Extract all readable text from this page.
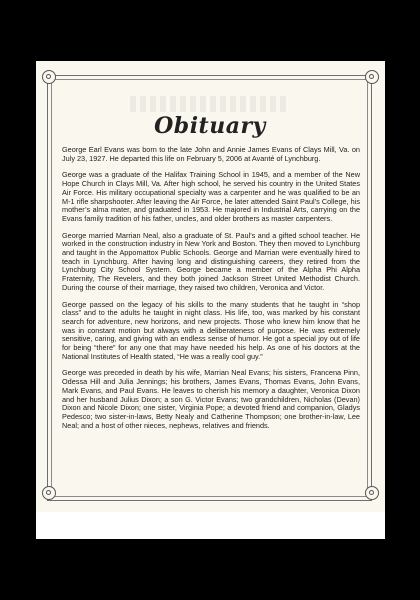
Obituary

George Earl Evans was born to the late John and Annie James Evans of Clays Mill, Va. on July 23, 1927. He departed this life on February 5, 2006 at Avanté of Lynchburg.

George was a graduate of the Halifax Training School in 1945, and a member of the New Hope Church in Clays Mill, Va. After high school, he served his country in the United States Air Force. His military occupational specialty was a carpenter and he was qualified to be an M-1 rifle sharpshooter. After leaving the Air Force, he later attended Saint Paul’s College, his mother’s alma mater, and graduated in 1953. He majored in Industrial Arts, carrying on the Evans family tradition of his father, uncles, and older brothers as master carpenters.

George married Marrian Neal, also a graduate of St. Paul’s and a gifted school teacher. He worked in the construction industry in New York and Boston. They then moved to Lynchburg and taught in the Appomattox Public Schools. George and Marrian were eventually hired to teach in Lynchburg. After having long and distinguishing careers, they retired from the Lynchburg City School System. George became a member of the Alpha Phi Alpha Fraternity, The Revelers, and they both joined Jackson Street United Methodist Church. During the course of their marriage, they raised two children, Veronica and Victor.

George passed on the legacy of his skills to the many students that he taught in “shop class” and to the adults he taught in night class. His life, too, was marked by his constant search for adventure, new horizons, and new projects. Those who knew him know that he was in constant motion but always with a deliberateness of purpose. He was extremely sensitive, caring, and giving with an endless sense of humor. He got a special joy out of life for being “there” for any one that may have needed his help. As one of his doctors at the National Institutes of Health stated, “He was a really cool guy.”

George was preceded in death by his wife, Marrian Neal Evans; his sisters, Francena Pinn, Odessa Hill and Julia Jennings; his brothers, James Evans, Thomas Evans, John Evans, Mark Evans, and Paul Evans. He leaves to cherish his memory a daughter, Veronica Dixon and her husband Julius Dixon; a son G. Victor Evans; two grandchildren, Nicholas (Devan) Dixon and Nicole Dixon; one sister, Virginia Pope; a devoted friend and companion, Gladys Pedesco; two sister-in-laws, Betty Nealy and Catherine Thompson; one brother-in-law, Lee Neal; and a host of other nieces, nephews, relatives and friends.
